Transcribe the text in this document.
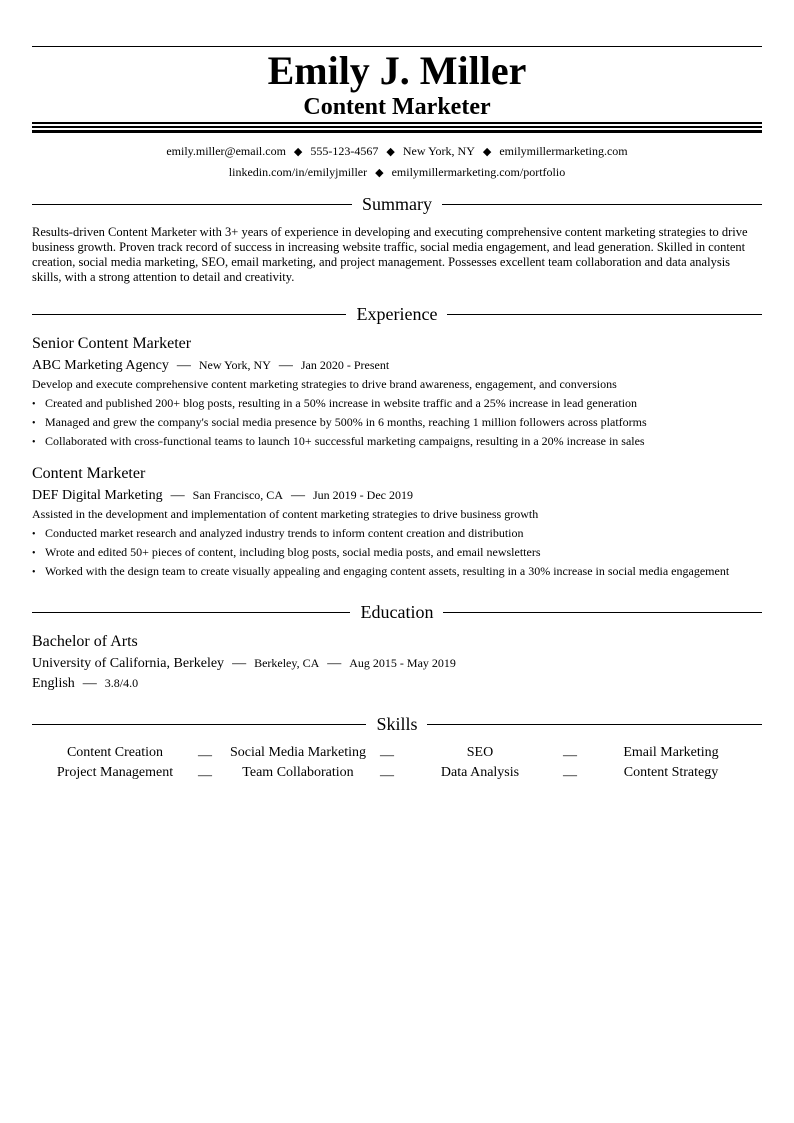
Emily J. Miller
Content Marketer
emily.miller@email.com ◆ 555-123-4567 ◆ New York, NY ◆ emilymillermarketing.com
linkedin.com/in/emilyjmiller ◆ emilymillermarketing.com/portfolio
Summary
Results-driven Content Marketer with 3+ years of experience in developing and executing comprehensive content marketing strategies to drive business growth. Proven track record of success in increasing website traffic, social media engagement, and lead generation. Skilled in content creation, social media marketing, SEO, email marketing, and project management. Possesses excellent team collaboration and data analysis skills, with a strong attention to detail and creativity.
Experience
Senior Content Marketer
ABC Marketing Agency — New York, NY — Jan 2020 - Present
Develop and execute comprehensive content marketing strategies to drive brand awareness, engagement, and conversions
• Created and published 200+ blog posts, resulting in a 50% increase in website traffic and a 25% increase in lead generation
• Managed and grew the company's social media presence by 500% in 6 months, reaching 1 million followers across platforms
• Collaborated with cross-functional teams to launch 10+ successful marketing campaigns, resulting in a 20% increase in sales
Content Marketer
DEF Digital Marketing — San Francisco, CA — Jun 2019 - Dec 2019
Assisted in the development and implementation of content marketing strategies to drive business growth
• Conducted market research and analyzed industry trends to inform content creation and distribution
• Wrote and edited 50+ pieces of content, including blog posts, social media posts, and email newsletters
• Worked with the design team to create visually appealing and engaging content assets, resulting in a 30% increase in social media engagement
Education
Bachelor of Arts
University of California, Berkeley — Berkeley, CA — Aug 2015 - May 2019
English — 3.8/4.0
Skills
Content Creation	—	Social Media Marketing —	SEO	—	Email Marketing
Project Management	—	Team Collaboration	—	Data Analysis	—	Content Strategy
